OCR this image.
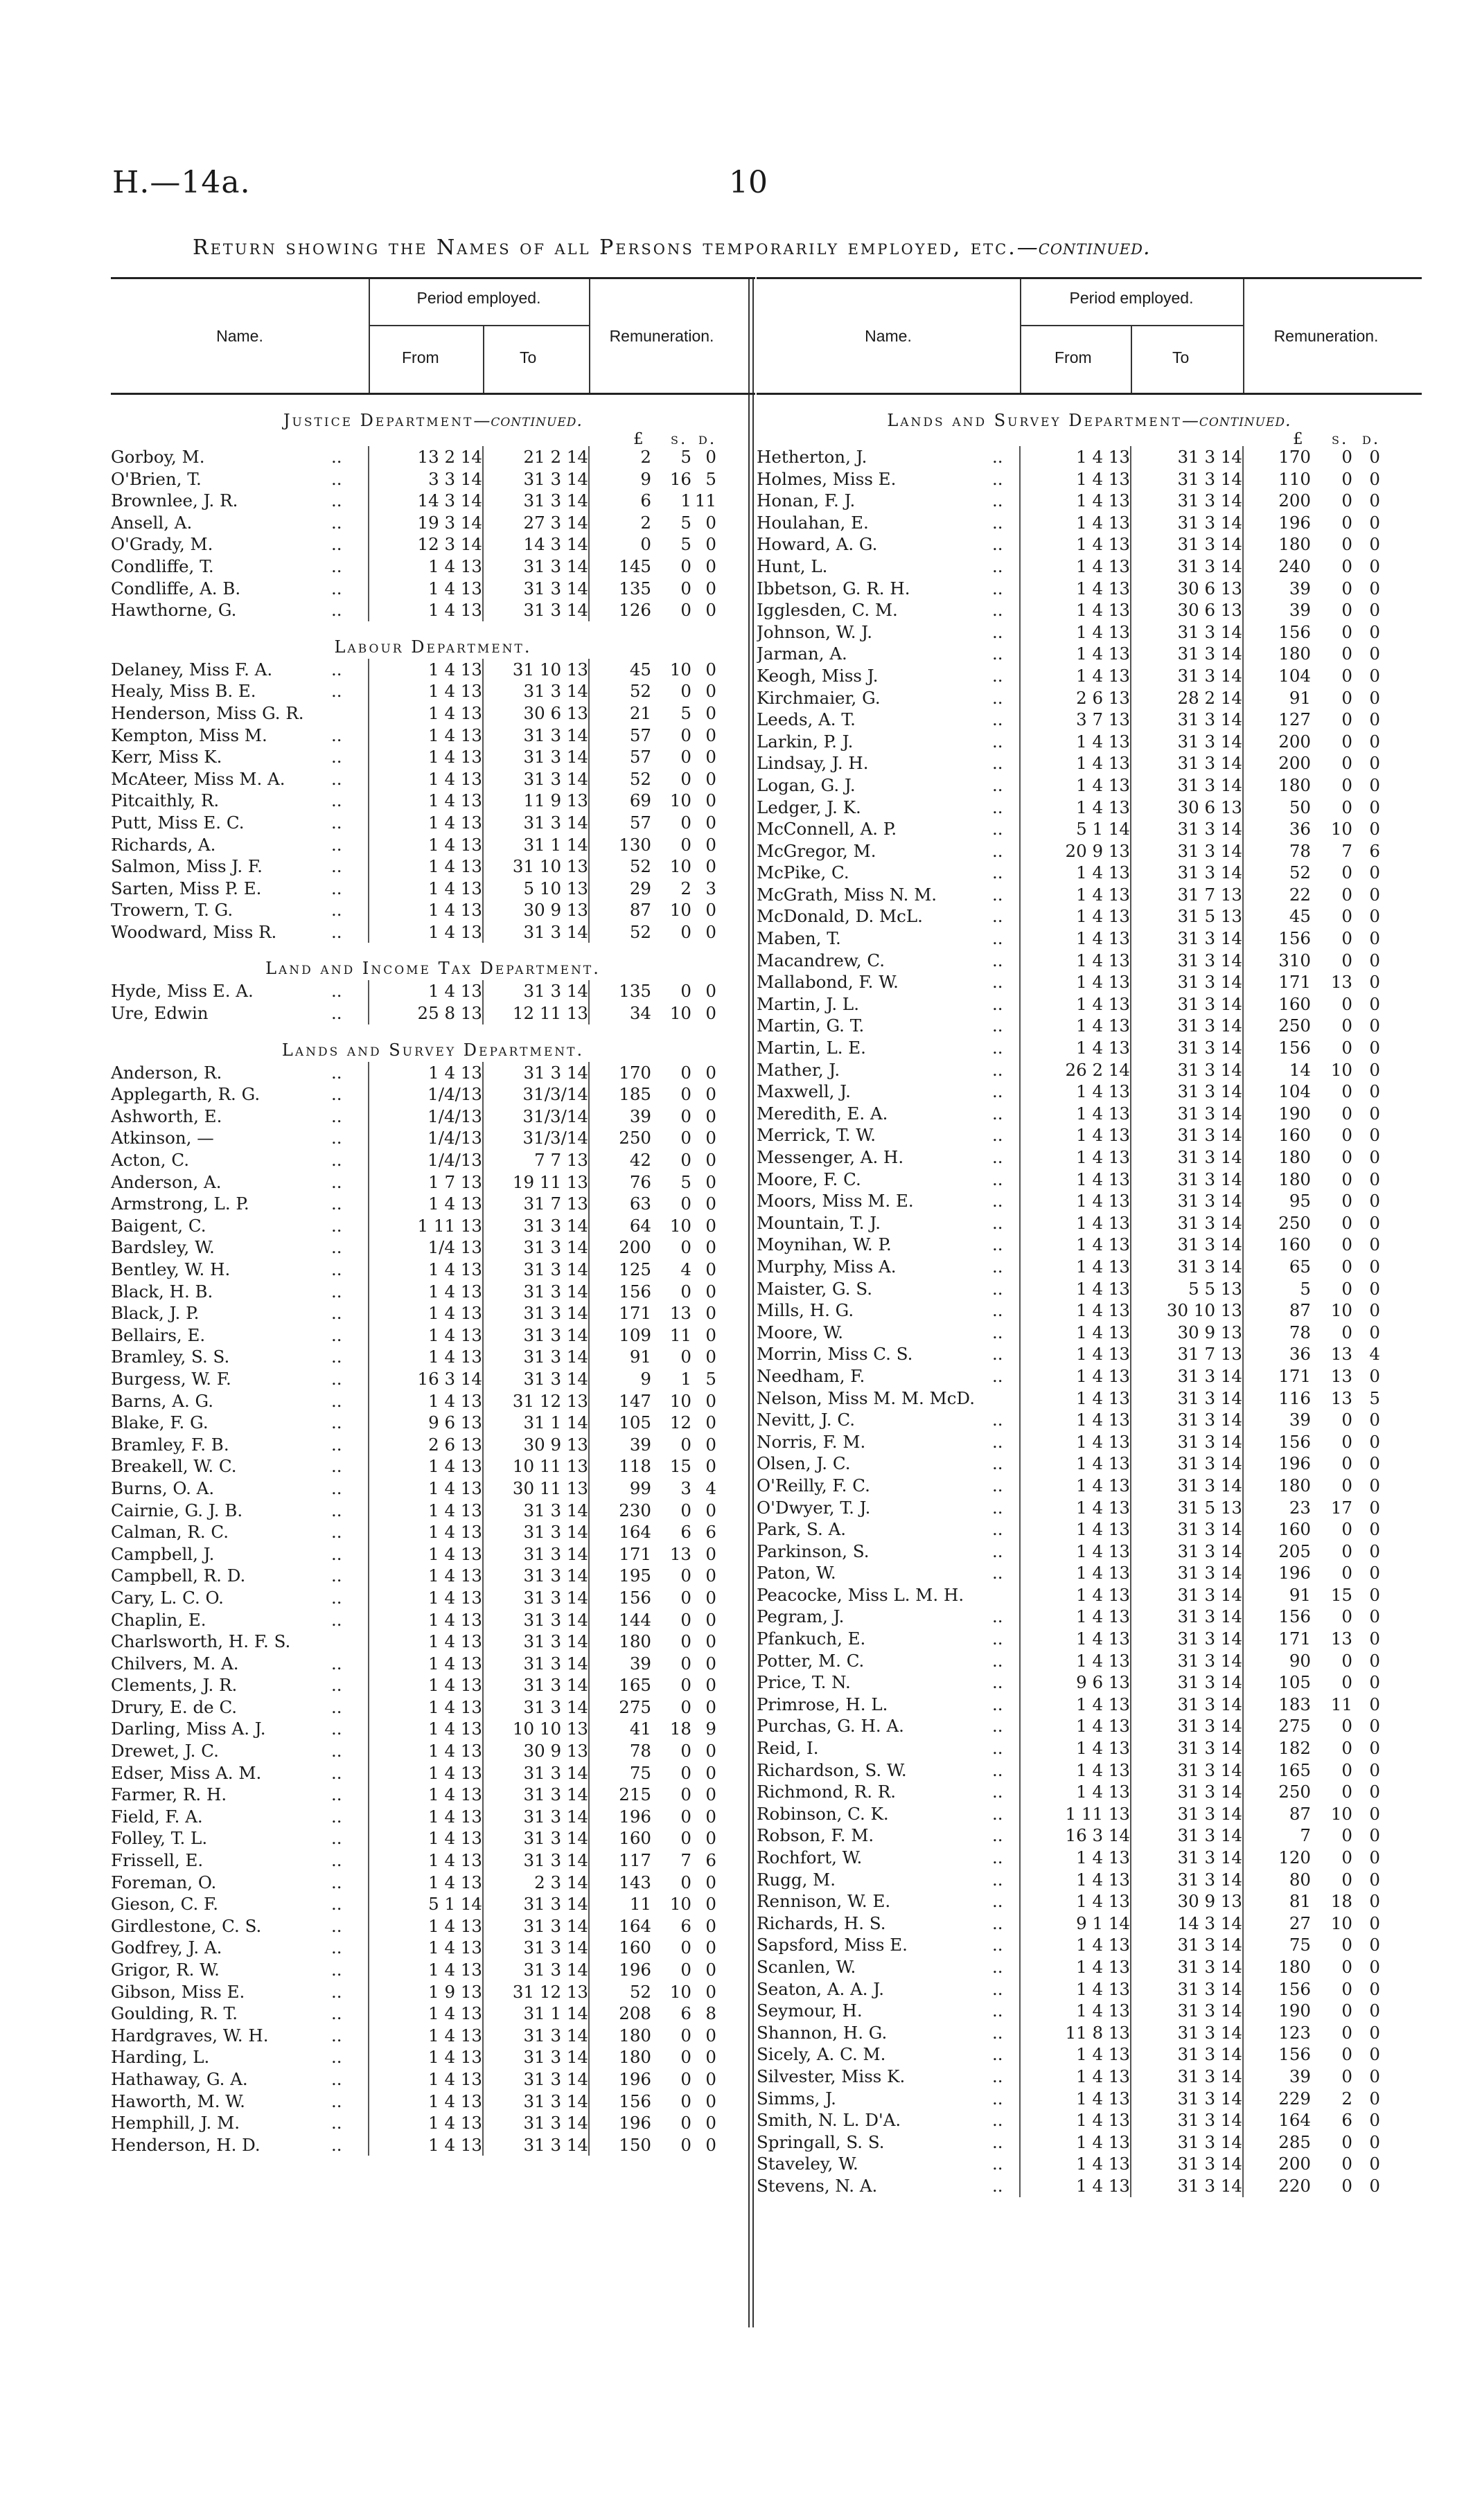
H.—14a.	10
Return showing the Names of all Persons temporarily employed, etc.—continued.
Name.
Period employed.
From	To
Remuneration.
Justice Department—continued.
£ s. d.
Gorboy, M.	..	13 2 14	21 2 14	2	5	0
O'Brien, T.	..	3 3 14	31 3 14	9	16	5
Brownlee, J. R.	..	14 3 14	31 3 14	6	1	11
Ansell, A.	..	19 3 14	27 3 14	2	5	0
O'Grady, M.	..	12 3 14	14 3 14	0	5	0
Condliffe, T.	..	1 4 13	31 3 14	145	0	0
Condliffe, A. B.	..	1 4 13	31 3 14	135	0	0
Hawthorne, G.	..	1 4 13	31 3 14	126	0	0
Labour Department.
Delaney, Miss F. A.	..	1 4 13	31 10 13	45	10	0
Healy, Miss B. E.	..	1 4 13	31 3 14	52	0	0
Henderson, Miss G. R.		1 4 13	30 6 13	21	5	0
Kempton, Miss M.	..	1 4 13	31 3 14	57	0	0
Kerr, Miss K.	..	1 4 13	31 3 14	57	0	0
McAteer, Miss M. A.	..	1 4 13	31 3 14	52	0	0
Pitcaithly, R.	..	1 4 13	11 9 13	69	10	0
Putt, Miss E. C.	..	1 4 13	31 3 14	57	0	0
Richards, A.	..	1 4 13	31 1 14	130	0	0
Salmon, Miss J. F.	..	1 4 13	31 10 13	52	10	0
Sarten, Miss P. E.	..	1 4 13	5 10 13	29	2	3
Trowern, T. G.	..	1 4 13	30 9 13	87	10	0
Woodward, Miss R.	..	1 4 13	31 3 14	52	0	0
Land and Income Tax Department.
Hyde, Miss E. A.	..	1 4 13	31 3 14	135	0	0
Ure, Edwin	..	25 8 13	12 11 13	34	10	0
Lands and Survey Department.
Anderson, R.	..	1 4 13	31 3 14	170	0	0
Applegarth, R. G.	..	1/4/13	31/3/14	185	0	0
Ashworth, E.	..	1/4/13	31/3/14	39	0	0
Atkinson, —	..	1/4/13	31/3/14	250	0	0
Acton, C.	..	1/4/13	7 7 13	42	0	0
Anderson, A.	..	1 7 13	19 11 13	76	5	0
Armstrong, L. P.	..	1 4 13	31 7 13	63	0	0
Baigent, C.	..	1 11 13	31 3 14	64	10	0
Bardsley, W.	..	1/4 13	31 3 14	200	0	0
Bentley, W. H.	..	1 4 13	31 3 14	125	4	0
Black, H. B.	..	1 4 13	31 3 14	156	0	0
Black, J. P.	..	1 4 13	31 3 14	171	13	0
Bellairs, E.	..	1 4 13	31 3 14	109	11	0
Bramley, S. S.	..	1 4 13	31 3 14	91	0	0
Burgess, W. F.	..	16 3 14	31 3 14	9	1	5
Barns, A. G.	..	1 4 13	31 12 13	147	10	0
Blake, F. G.	..	9 6 13	31 1 14	105	12	0
Bramley, F. B.	..	2 6 13	30 9 13	39	0	0
Breakell, W. C.	..	1 4 13	10 11 13	118	15	0
Burns, O. A.	..	1 4 13	30 11 13	99	3	4
Cairnie, G. J. B.	..	1 4 13	31 3 14	230	0	0
Calman, R. C.	..	1 4 13	31 3 14	164	6	6
Campbell, J.	..	1 4 13	31 3 14	171	13	0
Campbell, R. D.	..	1 4 13	31 3 14	195	0	0
Cary, L. C. O.	..	1 4 13	31 3 14	156	0	0
Chaplin, E.	..	1 4 13	31 3 14	144	0	0
Charlsworth, H. F. S.		1 4 13	31 3 14	180	0	0
Chilvers, M. A.	..	1 4 13	31 3 14	39	0	0
Clements, J. R.	..	1 4 13	31 3 14	165	0	0
Drury, E. de C.	..	1 4 13	31 3 14	275	0	0
Darling, Miss A. J.	..	1 4 13	10 10 13	41	18	9
Drewet, J. C.	..	1 4 13	30 9 13	78	0	0
Edser, Miss A. M.	..	1 4 13	31 3 14	75	0	0
Farmer, R. H.	..	1 4 13	31 3 14	215	0	0
Field, F. A.	..	1 4 13	31 3 14	196	0	0
Folley, T. L.	..	1 4 13	31 3 14	160	0	0
Frissell, E.	..	1 4 13	31 3 14	117	7	6
Foreman, O.	..	1 4 13	2 3 14	143	0	0
Gieson, C. F.	..	5 1 14	31 3 14	11	10	0
Girdlestone, C. S.	..	1 4 13	31 3 14	164	6	0
Godfrey, J. A.	..	1 4 13	31 3 14	160	0	0
Grigor, R. W.	..	1 4 13	31 3 14	196	0	0
Gibson, Miss E.	..	1 9 13	31 12 13	52	10	0
Goulding, R. T.	..	1 4 13	31 1 14	208	6	8
Hardgraves, W. H.	..	1 4 13	31 3 14	180	0	0
Harding, L.	..	1 4 13	31 3 14	180	0	0
Hathaway, G. A.	..	1 4 13	31 3 14	196	0	0
Haworth, M. W.	..	1 4 13	31 3 14	156	0	0
Hemphill, J. M.	..	1 4 13	31 3 14	196	0	0
Henderson, H. D.	..	1 4 13	31 3 14	150	0	0
Name.
Period employed.
From	To
Remuneration.
Lands and Survey Department—continued.
£ s. d.
Hetherton, J.	..	1 4 13	31 3 14	170	0	0
Holmes, Miss E.	..	1 4 13	31 3 14	110	0	0
Honan, F. J.	..	1 4 13	31 3 14	200	0	0
Houlahan, E.	..	1 4 13	31 3 14	196	0	0
Howard, A. G.	..	1 4 13	31 3 14	180	0	0
Hunt, L.	..	1 4 13	31 3 14	240	0	0
Ibbetson, G. R. H.	..	1 4 13	30 6 13	39	0	0
Igglesden, C. M.	..	1 4 13	30 6 13	39	0	0
Johnson, W. J.	..	1 4 13	31 3 14	156	0	0
Jarman, A.	..	1 4 13	31 3 14	180	0	0
Keogh, Miss J.	..	1 4 13	31 3 14	104	0	0
Kirchmaier, G.	..	2 6 13	28 2 14	91	0	0
Leeds, A. T.	..	3 7 13	31 3 14	127	0	0
Larkin, P. J.	..	1 4 13	31 3 14	200	0	0
Lindsay, J. H.	..	1 4 13	31 3 14	200	0	0
Logan, G. J.	..	1 4 13	31 3 14	180	0	0
Ledger, J. K.	..	1 4 13	30 6 13	50	0	0
McConnell, A. P.	..	5 1 14	31 3 14	36	10	0
McGregor, M.	..	20 9 13	31 3 14	78	7	6
McPike, C.	..	1 4 13	31 3 14	52	0	0
McGrath, Miss N. M.	..	1 4 13	31 7 13	22	0	0
McDonald, D. McL.	..	1 4 13	31 5 13	45	0	0
Maben, T.	..	1 4 13	31 3 14	156	0	0
Macandrew, C.	..	1 4 13	31 3 14	310	0	0
Mallabond, F. W.	..	1 4 13	31 3 14	171	13	0
Martin, J. L.	..	1 4 13	31 3 14	160	0	0
Martin, G. T.	..	1 4 13	31 3 14	250	0	0
Martin, L. E.	..	1 4 13	31 3 14	156	0	0
Mather, J.	..	26 2 14	31 3 14	14	10	0
Maxwell, J.	..	1 4 13	31 3 14	104	0	0
Meredith, E. A.	..	1 4 13	31 3 14	190	0	0
Merrick, T. W.	..	1 4 13	31 3 14	160	0	0
Messenger, A. H.	..	1 4 13	31 3 14	180	0	0
Moore, F. C.	..	1 4 13	31 3 14	180	0	0
Moors, Miss M. E.	..	1 4 13	31 3 14	95	0	0
Mountain, T. J.	..	1 4 13	31 3 14	250	0	0
Moynihan, W. P.	..	1 4 13	31 3 14	160	0	0
Murphy, Miss A.	..	1 4 13	31 3 14	65	0	0
Maister, G. S.	..	1 4 13	5 5 13	5	0	0
Mills, H. G.	..	1 4 13	30 10 13	87	10	0
Moore, W.	..	1 4 13	30 9 13	78	0	0
Morrin, Miss C. S.	..	1 4 13	31 7 13	36	13	4
Needham, F.	..	1 4 13	31 3 14	171	13	0
Nelson, Miss M. M. McD.		1 4 13	31 3 14	116	13	5
Nevitt, J. C.	..	1 4 13	31 3 14	39	0	0
Norris, F. M.	..	1 4 13	31 3 14	156	0	0
Olsen, J. C.	..	1 4 13	31 3 14	196	0	0
O'Reilly, F. C.	..	1 4 13	31 3 14	180	0	0
O'Dwyer, T. J.	..	1 4 13	31 5 13	23	17	0
Park, S. A.	..	1 4 13	31 3 14	160	0	0
Parkinson, S.	..	1 4 13	31 3 14	205	0	0
Paton, W.	..	1 4 13	31 3 14	196	0	0
Peacocke, Miss L. M. H.		1 4 13	31 3 14	91	15	0
Pegram, J.	..	1 4 13	31 3 14	156	0	0
Pfankuch, E.	..	1 4 13	31 3 14	171	13	0
Potter, M. C.	..	1 4 13	31 3 14	90	0	0
Price, T. N.	..	9 6 13	31 3 14	105	0	0
Primrose, H. L.	..	1 4 13	31 3 14	183	11	0
Purchas, G. H. A.	..	1 4 13	31 3 14	275	0	0
Reid, I.	..	1 4 13	31 3 14	182	0	0
Richardson, S. W.	..	1 4 13	31 3 14	165	0	0
Richmond, R. R.	..	1 4 13	31 3 14	250	0	0
Robinson, C. K.	..	1 11 13	31 3 14	87	10	0
Robson, F. M.	..	16 3 14	31 3 14	7	0	0
Rochfort, W.	..	1 4 13	31 3 14	120	0	0
Rugg, M.	..	1 4 13	31 3 14	80	0	0
Rennison, W. E.	..	1 4 13	30 9 13	81	18	0
Richards, H. S.	..	9 1 14	14 3 14	27	10	0
Sapsford, Miss E.	..	1 4 13	31 3 14	75	0	0
Scanlen, W.	..	1 4 13	31 3 14	180	0	0
Seaton, A. A. J.	..	1 4 13	31 3 14	156	0	0
Seymour, H.	..	1 4 13	31 3 14	190	0	0
Shannon, H. G.	..	11 8 13	31 3 14	123	0	0
Sicely, A. C. M.	..	1 4 13	31 3 14	156	0	0
Silvester, Miss K.	..	1 4 13	31 3 14	39	0	0
Simms, J.	..	1 4 13	31 3 14	229	2	0
Smith, N. L. D'A.	..	1 4 13	31 3 14	164	6	0
Springall, S. S.	..	1 4 13	31 3 14	285	0	0
Staveley, W.	..	1 4 13	31 3 14	200	0	0
Stevens, N. A.	..	1 4 13	31 3 14	220	0	0
